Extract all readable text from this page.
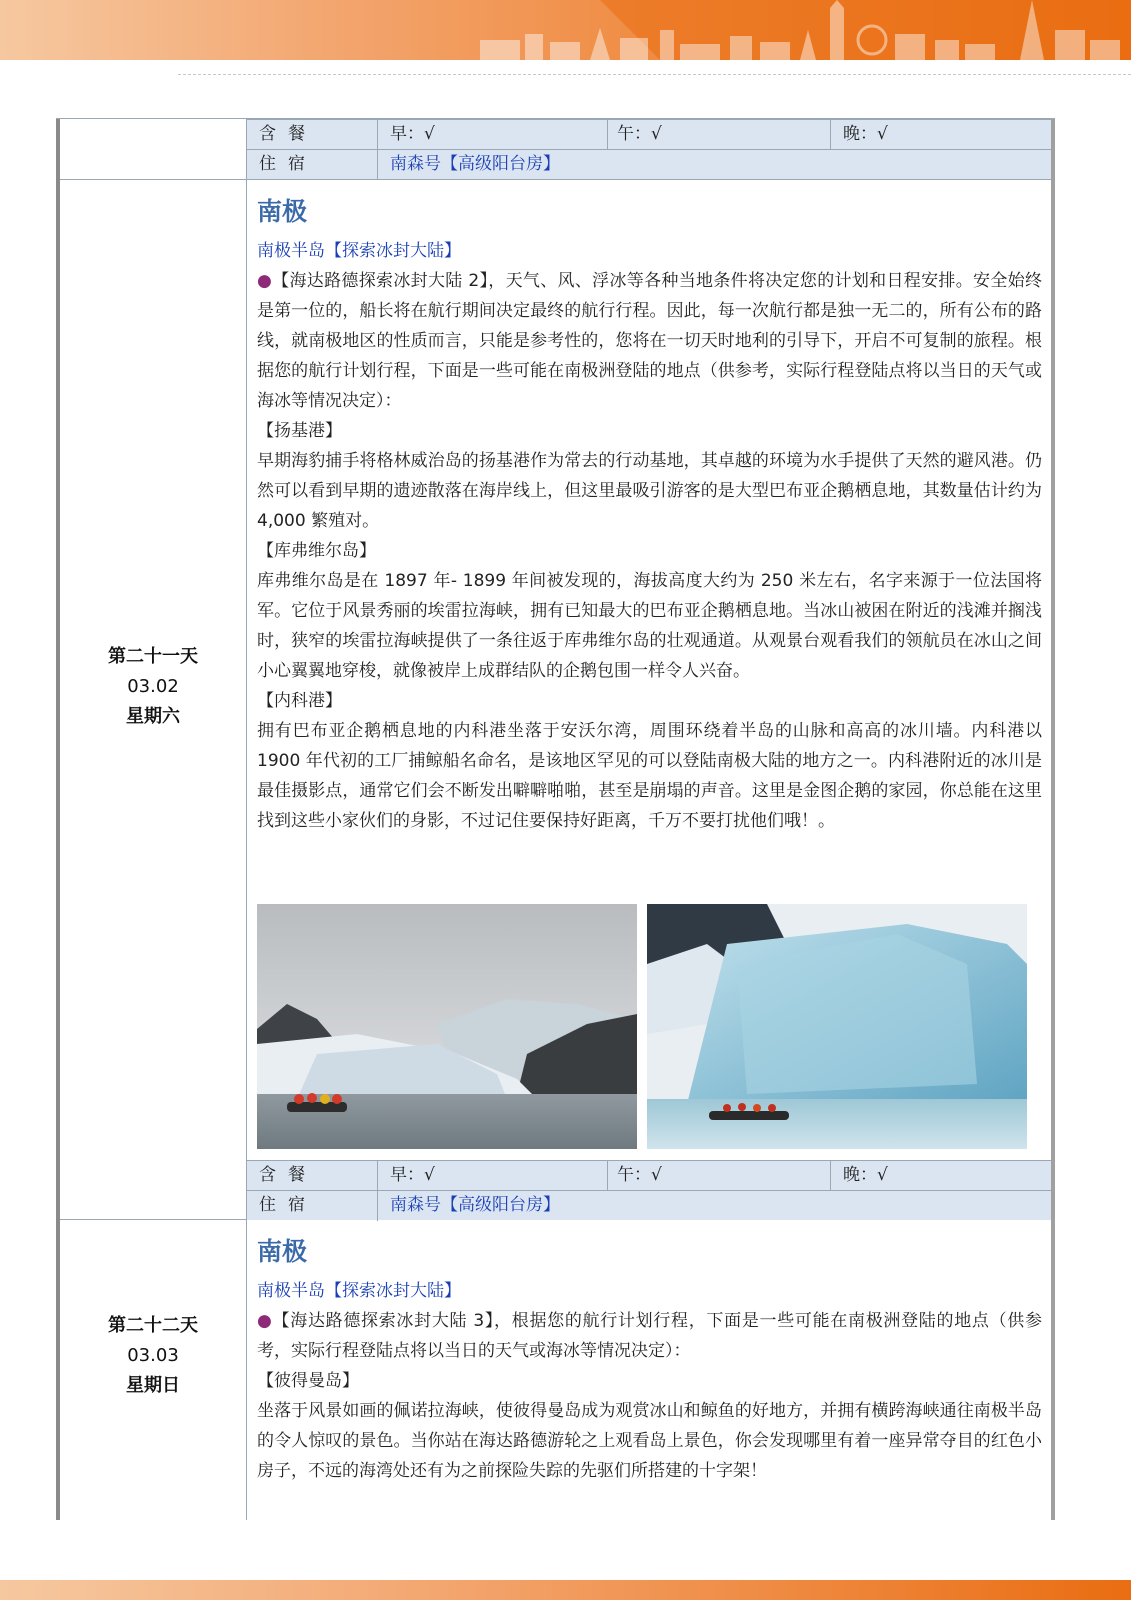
含餐	早：√	午：√	晚：√
住宿	南森号【高级阳台房】
第二十一天
03.02
星期六
南极
南极半岛【探索冰封大陆】

●【海达路德探索冰封大陆 2】，天气、风、浮冰等各种当地条件将决定您的计划和日程安排。安全始终是第一位的，船长将在航行期间决定最终的航行行程。因此，每一次航行都是独一无二的，所有公布的路线，就南极地区的性质而言，只能是参考性的，您将在一切天时地利的引导下，开启不可复制的旅程。根据您的航行计划行程，下面是一些可能在南极洲登陆的地点（供参考，实际行程登陆点将以当日的天气或海冰等情况决定）：

【扬基港】

早期海豹捕手将格林威治岛的扬基港作为常去的行动基地，其卓越的环境为水手提供了天然的避风港。仍然可以看到早期的遗迹散落在海岸线上，但这里最吸引游客的是大型巴布亚企鹅栖息地，其数量估计约为 4,000 繁殖对。

【库弗维尔岛】

库弗维尔岛是在 1897 年- 1899 年间被发现的，海拔高度大约为 250 米左右，名字来源于一位法国将军。它位于风景秀丽的埃雷拉海峡，拥有已知最大的巴布亚企鹅栖息地。当冰山被困在附近的浅滩并搁浅时，狭窄的埃雷拉海峡提供了一条往返于库弗维尔岛的壮观通道。从观景台观看我们的领航员在冰山之间小心翼翼地穿梭，就像被岸上成群结队的企鹅包围一样令人兴奋。

【内科港】

拥有巴布亚企鹅栖息地的内科港坐落于安沃尔湾，周围环绕着半岛的山脉和高高的冰川墙。内科港以 1900 年代初的工厂捕鲸船名命名，是该地区罕见的可以登陆南极大陆的地方之一。内科港附近的冰川是最佳摄影点，通常它们会不断发出噼噼啪啪，甚至是崩塌的声音。这里是金图企鹅的家园，你总能在这里找到这些小家伙们的身影，不过记住要保持好距离，千万不要打扰他们哦！。

含餐	早：√	午：√	晚：√
住宿	南森号【高级阳台房】
第二十二天
03.03
星期日
南极
南极半岛【探索冰封大陆】

●【海达路德探索冰封大陆 3】，根据您的航行计划行程，下面是一些可能在南极洲登陆的地点（供参考，实际行程登陆点将以当日的天气或海冰等情况决定）：

【彼得曼岛】

坐落于风景如画的佩诺拉海峡，使彼得曼岛成为观赏冰山和鲸鱼的好地方，并拥有横跨海峡通往南极半岛的令人惊叹的景色。当你站在海达路德游轮之上观看岛上景色，你会发现哪里有着一座异常夺目的红色小房子，不远的海湾处还有为之前探险失踪的先驱们所搭建的十字架！
